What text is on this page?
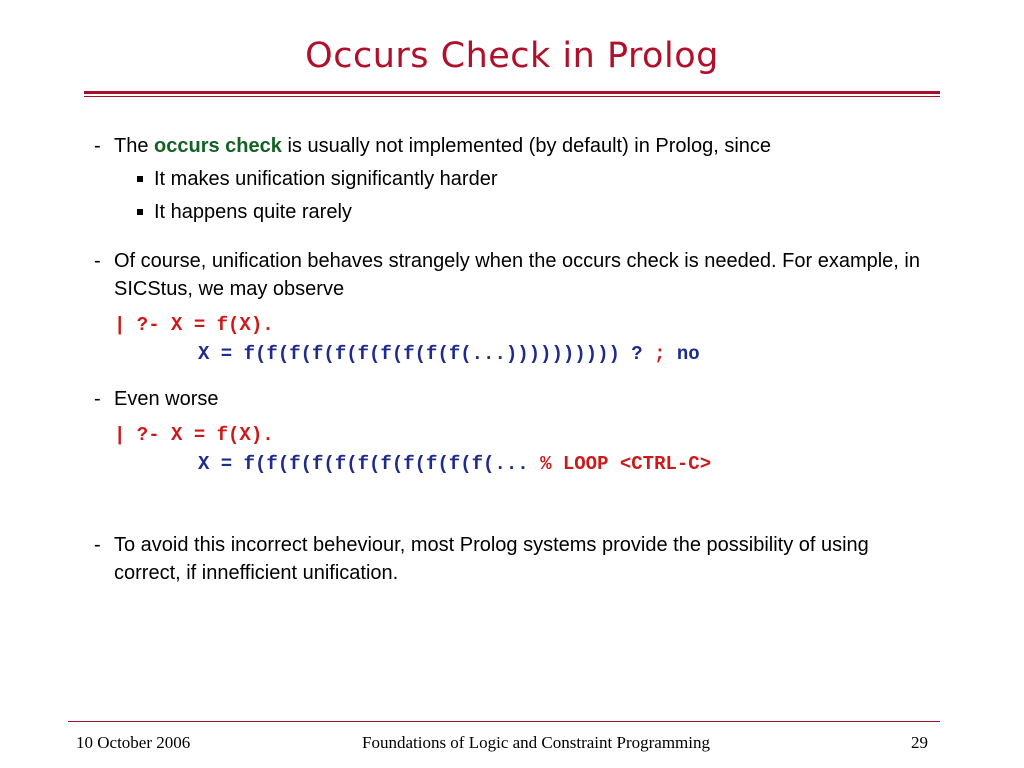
Occurs Check in Prolog
- The occurs check is usually not implemented (by default) in Prolog, since
It makes unification significantly harder
It happens quite rarely
- Of course, unification behaves strangely when the occurs check is needed. For example, in SICStus, we may observe
| ?- X = f(X).
X = f(f(f(f(f(f(f(f(f(f(...)))))))))) ? ; no
- Even worse
| ?- X = f(X).
X = f(f(f(f(f(f(f(f(f(f(f(... % LOOP <CTRL-C>
- To avoid this incorrect beheviour, most Prolog systems provide the possibility of using correct, if innefficient unification.
10 October 2006	Foundations of Logic and Constraint Programming	29
